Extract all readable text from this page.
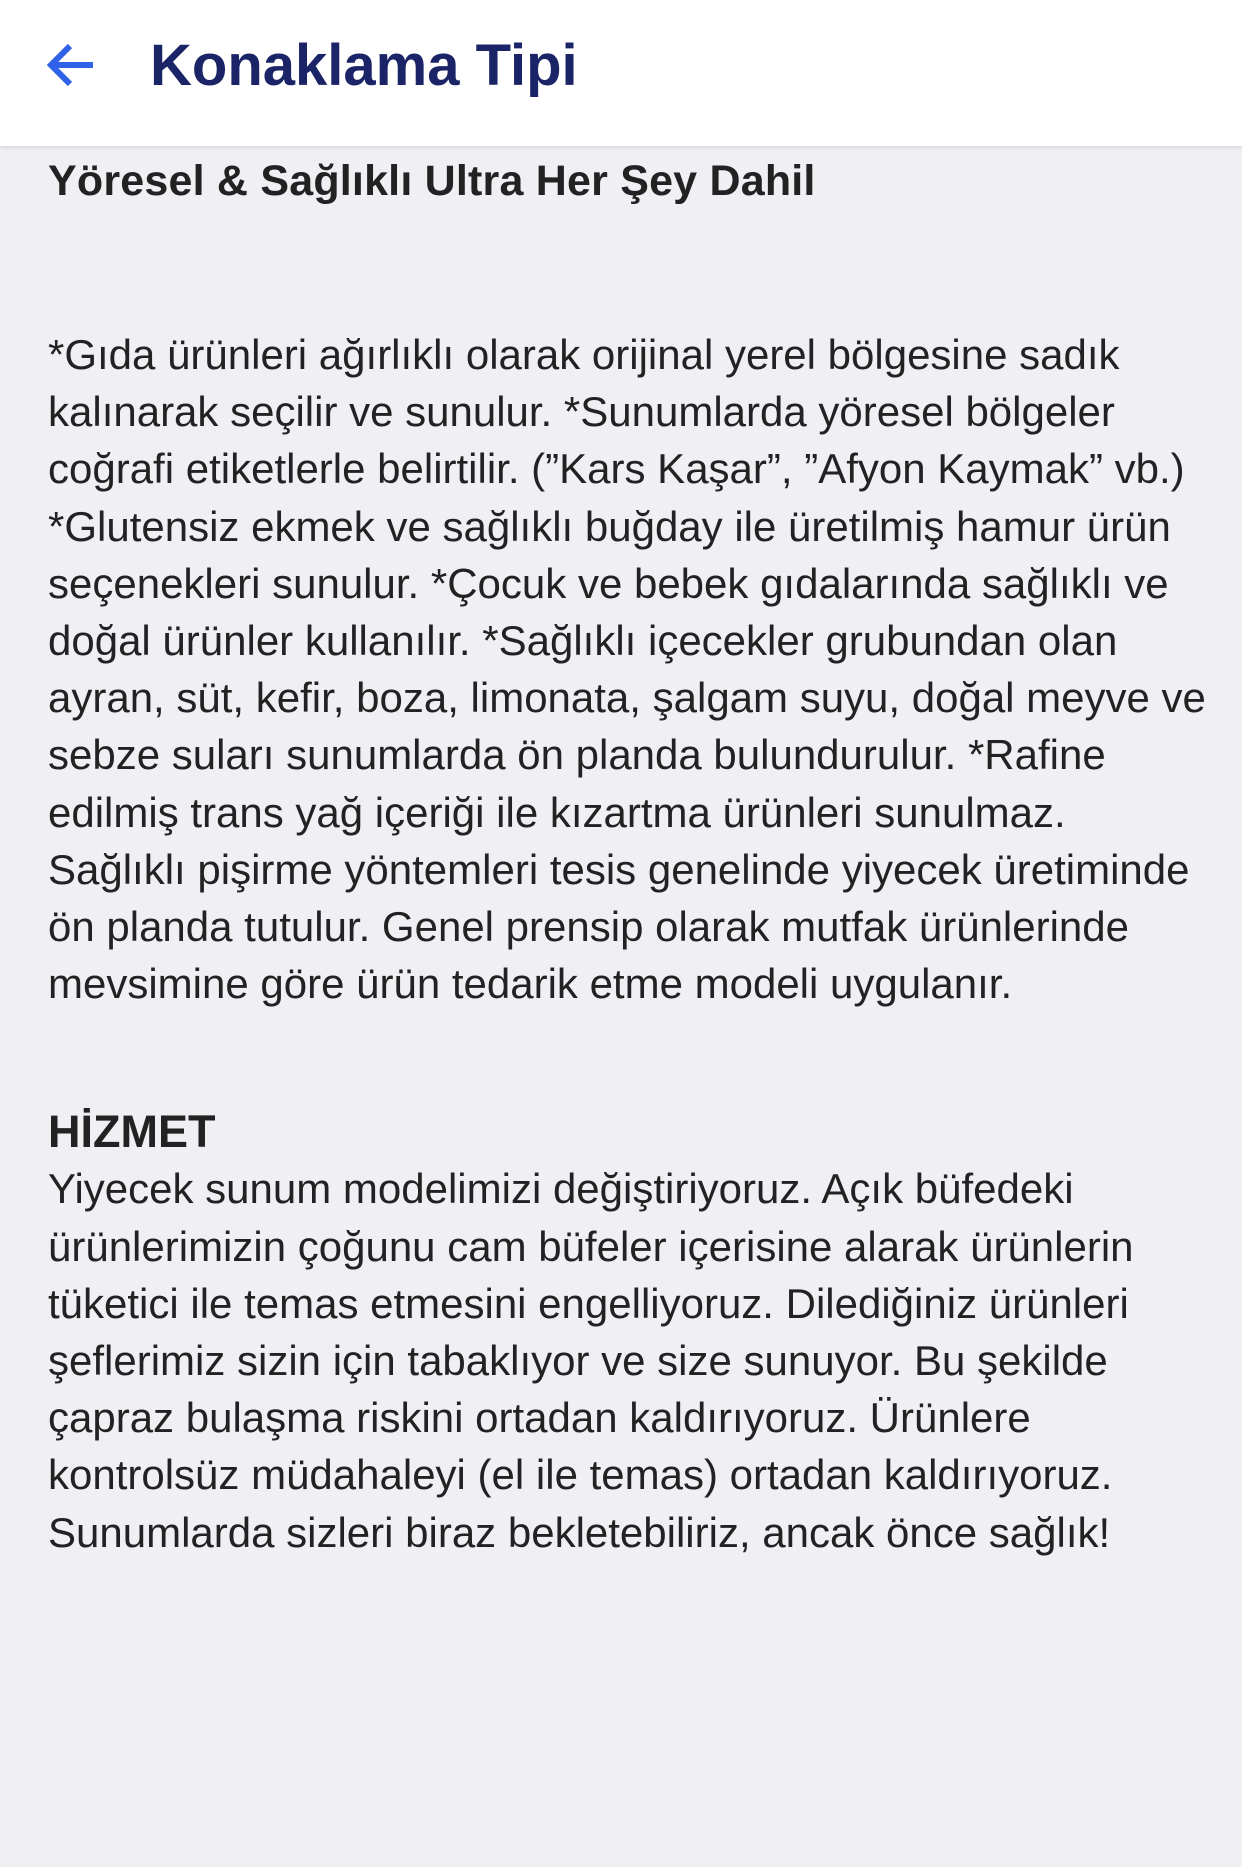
Konaklama Tipi
Yöresel & Sağlıklı Ultra Her Şey Dahil

*Gıda ürünleri ağırlıklı olarak orijinal yerel bölgesine sadık kalınarak seçilir ve sunulur. *Sunumlarda yöresel bölgeler coğrafi etiketlerle belirtilir. (”Kars Kaşar”, ”Afyon Kaymak” vb.) *Glutensiz ekmek ve sağlıklı buğday ile üretilmiş hamur ürün seçenekleri sunulur. *Çocuk ve bebek gıdalarında sağlıklı ve doğal ürünler kullanılır. *Sağlıklı içecekler grubundan olan ayran, süt, kefir, boza, limonata, şalgam suyu, doğal meyve ve sebze suları sunumlarda ön planda bulundurulur. *Rafine edilmiş trans yağ içeriği ile kızartma ürünleri sunulmaz. Sağlıklı pişirme yöntemleri tesis genelinde yiyecek üretiminde ön planda tutulur. Genel prensip olarak mutfak ürünlerinde mevsimine göre ürün tedarik etme modeli uygulanır.

HİZMET

Yiyecek sunum modelimizi değiştiriyoruz. Açık büfedeki ürünlerimizin çoğunu cam büfeler içerisine alarak ürünlerin tüketici ile temas etmesini engelliyoruz. Dilediğiniz ürünleri şeflerimiz sizin için tabaklıyor ve size sunuyor. Bu şekilde çapraz bulaşma riskini ortadan kaldırıyoruz. Ürünlere kontrolsüz müdahaleyi (el ile temas) ortadan kaldırıyoruz. Sunumlarda sizleri biraz bekletebiliriz, ancak önce sağlık!
